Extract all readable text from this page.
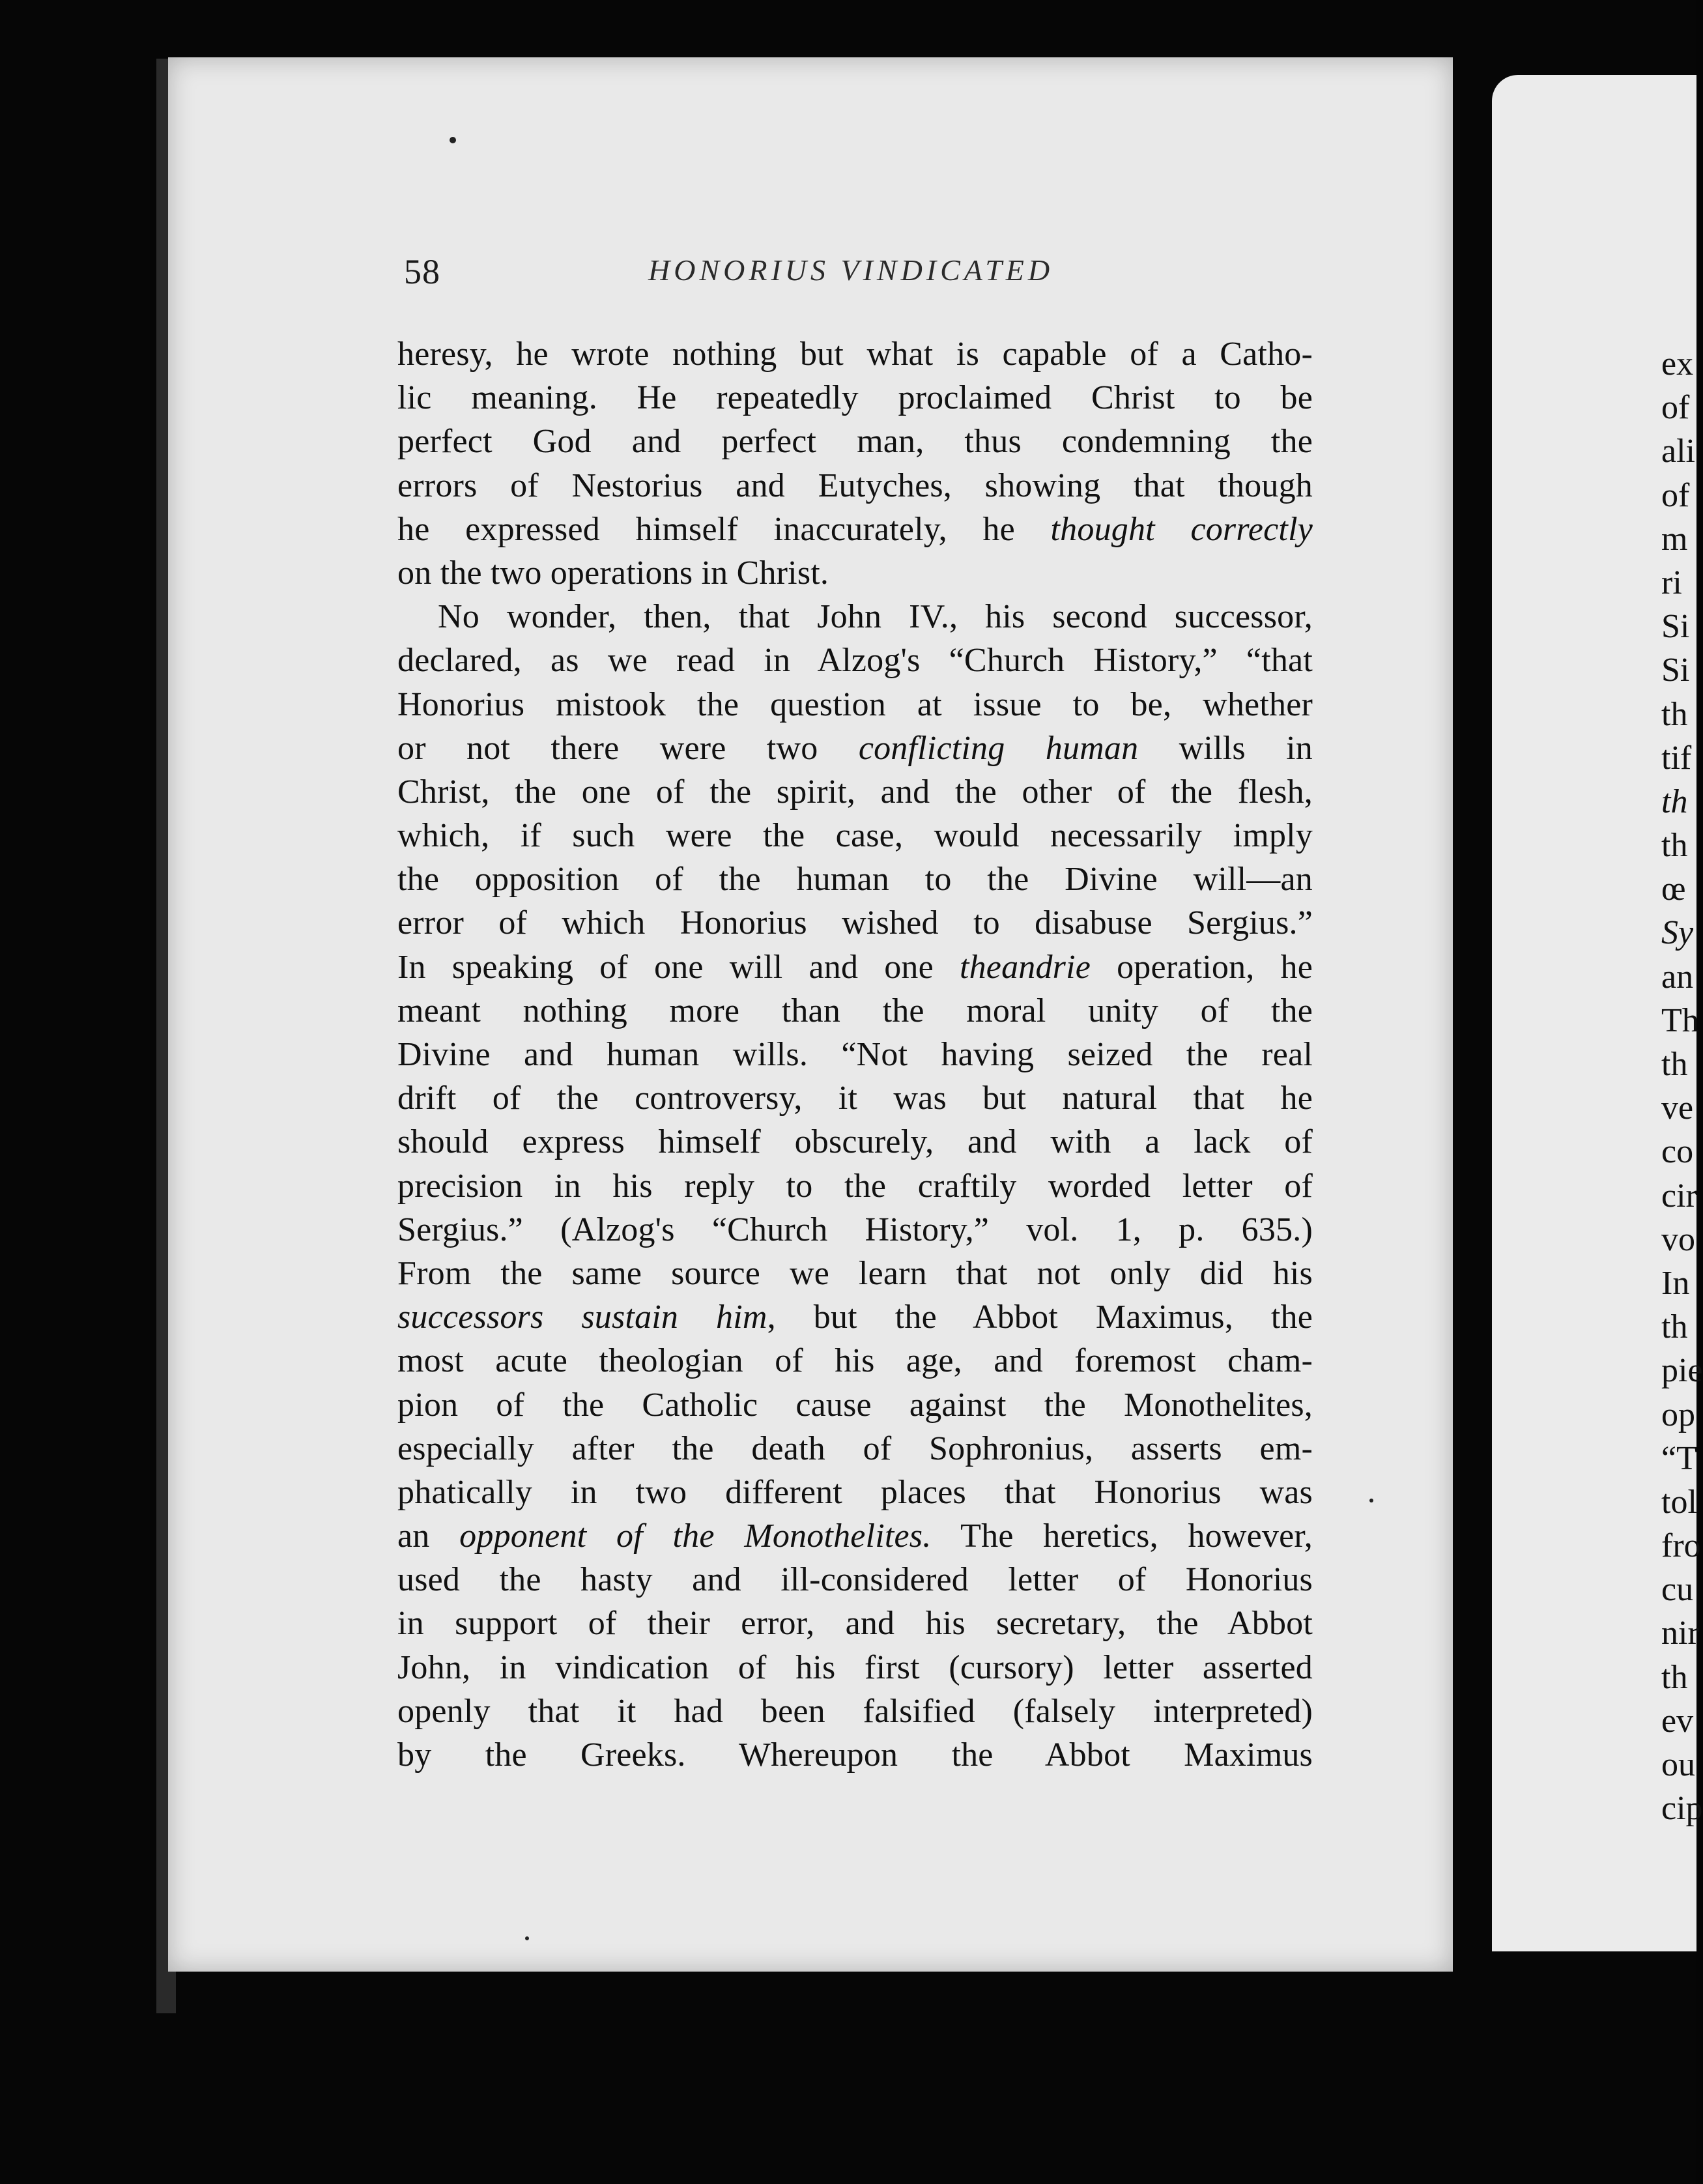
58	HONORIUS VINDICATED
heresy, he wrote nothing but what is capable of a Catho-
lic meaning. He repeatedly proclaimed Christ to be
perfect God and perfect man, thus condemning the
errors of Nestorius and Eutyches, showing that though
he expressed himself inaccurately, he thought correctly
on the two operations in Christ.
No wonder, then, that John IV., his second successor,
declared, as we read in Alzog's “Church History,” “that
Honorius mistook the question at issue to be, whether
or not there were two conflicting human wills in
Christ, the one of the spirit, and the other of the flesh,
which, if such were the case, would necessarily imply
the opposition of the human to the Divine will—an
error of which Honorius wished to disabuse Sergius.”
In speaking of one will and one theandrie operation, he
meant nothing more than the moral unity of the
Divine and human wills. “Not having seized the real
drift of the controversy, it was but natural that he
should express himself obscurely, and with a lack of
precision in his reply to the craftily worded letter of
Sergius.” (Alzog's “Church History,” vol. 1, p. 635.)
From the same source we learn that not only did his
successors sustain him, but the Abbot Maximus, the
most acute theologian of his age, and foremost cham-
pion of the Catholic cause against the Monothelites,
especially after the death of Sophronius, asserts em-
phatically in two different places that Honorius was
an opponent of the Monothelites. The heretics, however,
used the hasty and ill-considered letter of Honorius
in support of their error, and his secretary, the Abbot
John, in vindication of his first (cursory) letter asserted
openly that it had been falsified (falsely interpreted)
by the Greeks. Whereupon the Abbot Maximus
ex
of
ali
of
m
ri
Si
Si
th
tif
th
th
œ
Sy
an
Th
th
ve
co
cir
vo
In
th
pie
op
“T
tol
fro
cu
nir
th
ev
ou
cip
